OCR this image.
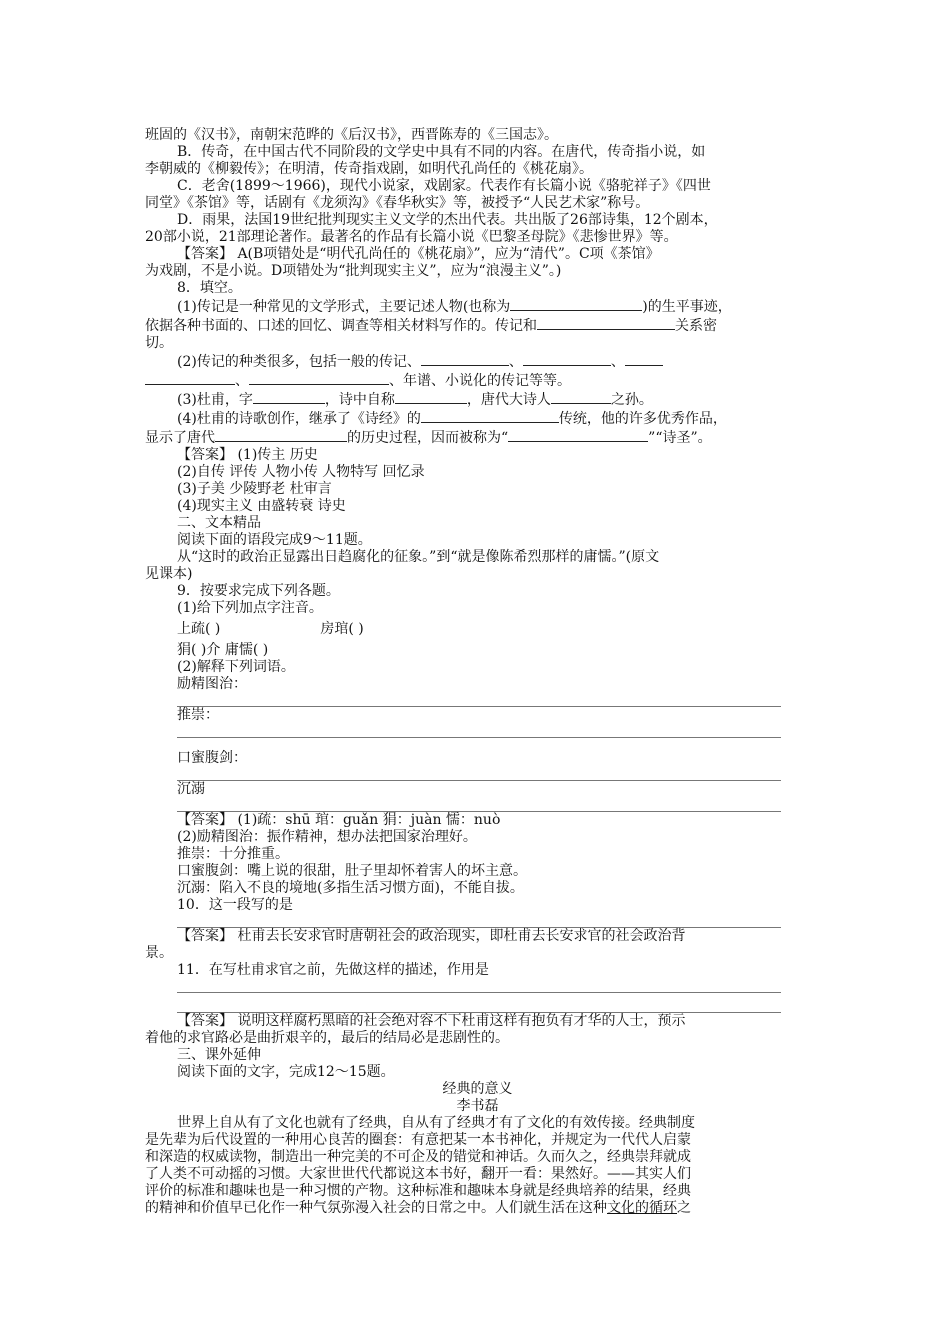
班固的《汉书》，南朝宋范晔的《后汉书》，西晋陈寿的《三国志》。

B．传奇，在中国古代不同阶段的文学史中具有不同的内容。在唐代，传奇指小说，如

李朝威的《柳毅传》；在明清，传奇指戏剧，如明代孔尚任的《桃花扇》。

C．老舍(1899～1966)，现代小说家，戏剧家。代表作有长篇小说《骆驼祥子》《四世

同堂》《茶馆》等，话剧有《龙须沟》《春华秋实》等，被授予“人民艺术家”称号。

D．雨果，法国19世纪批判现实主义文学的杰出代表。共出版了26部诗集，12个剧本，

20部小说，21部理论著作。最著名的作品有长篇小说《巴黎圣母院》《悲惨世界》等。

【答案】 A(B项错处是“明代孔尚任的《桃花扇》”，应为“清代”。C项《茶馆》

为戏剧，不是小说。D项错处为“批判现实主义”，应为“浪漫主义”。)

8．填空。

(1)传记是一种常见的文学形式，主要记述人物(也称为	)的生平事迹，

依据各种书面的、口述的回忆、调查等相关材料写作的。传记和	关系密

切。

(2)传记的种类很多，包括一般的传记、	、	、

、	、年谱、小说化的传记等等。

(3)杜甫，字	，诗中自称	，唐代大诗人	之孙。

(4)杜甫的诗歌创作，继承了《诗经》的	传统，他的许多优秀作品，

显示了唐代	的历史过程，因而被称为“	”“诗圣”。

【答案】 (1)传主 历史

(2)自传 评传 人物小传 人物特写 回忆录

(3)子美 少陵野老 杜审言

(4)现实主义 由盛转衰 诗史

二、文本精品

阅读下面的语段完成9～11题。

从“这时的政治正显露出日趋腐化的征象。”到“就是像陈希烈那样的庸懦。”(原文

见课本)

9．按要求完成下列各题。

(1)给下列加点字注音。

上疏( )	房琯( )

狷( )介 庸懦( )

(2)解释下列词语。

励精图治：

推崇：

口蜜腹剑：

沉溺

【答案】 (1)疏：shū 琯：guǎn 狷：juàn 懦：nuò

(2)励精图治：振作精神，想办法把国家治理好。

推崇：十分推重。

口蜜腹剑：嘴上说的很甜，肚子里却怀着害人的坏主意。

沉溺：陷入不良的境地(多指生活习惯方面)，不能自拔。

10．这一段写的是

【答案】 杜甫去长安求官时唐朝社会的政治现实，即杜甫去长安求官的社会政治背

景。

11．在写杜甫求官之前，先做这样的描述，作用是

【答案】 说明这样腐朽黑暗的社会绝对容不下杜甫这样有抱负有才华的人士，预示

着他的求官路必是曲折艰辛的，最后的结局必是悲剧性的。

三、课外延伸

阅读下面的文字，完成12～15题。

经典的意义

李书磊

世界上自从有了文化也就有了经典，自从有了经典才有了文化的有效传接。经典制度

是先辈为后代设置的一种用心良苦的圈套：有意把某一本书神化，并规定为一代代人启蒙

和深造的权威读物，制造出一种完美的不可企及的错觉和神话。久而久之，经典崇拜就成

了人类不可动摇的习惯。大家世世代代都说这本书好，翻开一看：果然好。——其实人们

评价的标准和趣味也是一种习惯的产物。这种标准和趣味本身就是经典培养的结果，经典

的精神和价值早已化作一种气氛弥漫入社会的日常之中。人们就生活在这种文化的循环之
